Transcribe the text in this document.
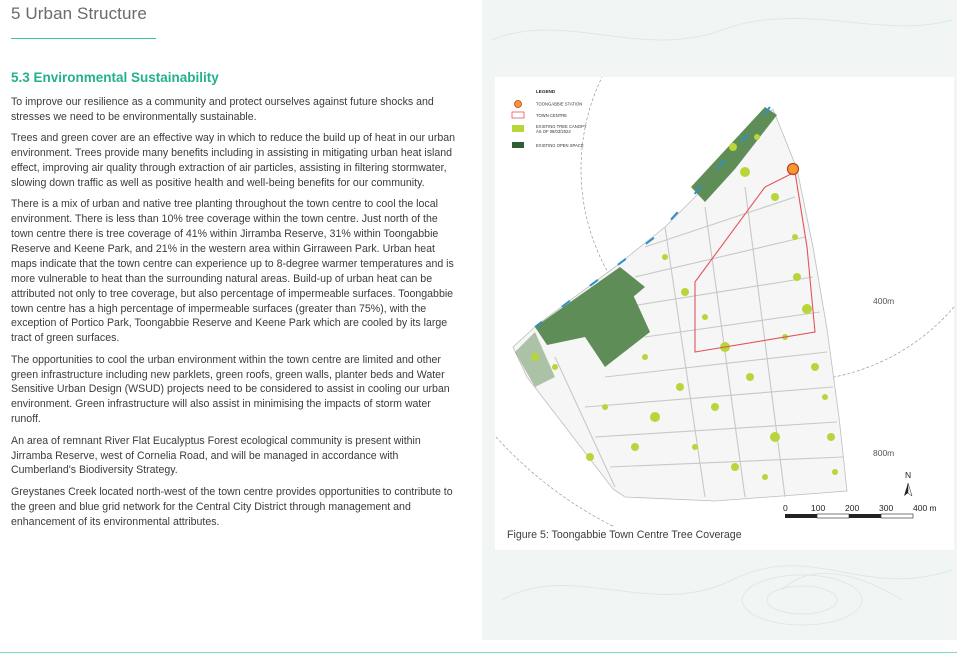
5 Urban Structure
5.3 Environmental Sustainability

To improve our resilience as a community and protect ourselves against future shocks and stresses we need to be environmentally sustainable.

Trees and green cover are an effective way in which to reduce the build up of heat in our urban environment. Trees provide many benefits including in assisting in mitigating urban heat island effect, improving air quality through extraction of air particles, assisting in filtering stormwater, slowing down traffic as well as positive health and well-being benefits for our community.

There is a mix of urban and native tree planting throughout the town centre to cool the local environment. There is less than 10% tree coverage within the town centre. Just north of the town centre there is tree coverage of 41% within Jirramba Reserve, 31% within Toongabbie Reserve and Keene Park, and 21% in the western area within Girraween Park. Urban heat maps indicate that the town centre can experience up to 8-degree warmer temperatures and is more vulnerable to heat than the surrounding natural areas. Build-up of urban heat can be attributed not only to tree coverage, but also percentage of impermeable surfaces. Toongabbie town centre has a high percentage of impermeable surfaces (greater than 75%), with the exception of Portico Park, Toongabbie Reserve and Keene Park which are cooled by its large tract of green surfaces.

The opportunities to cool the urban environment within the town centre are limited and other green infrastructure including new parklets, green roofs, green walls, planter beds and Water Sensitive Urban Design (WSUD) projects need to be considered to assist in cooling our urban environment. Green infrastructure will also assist in minimising the impacts of storm water runoff.

An area of remnant River Flat Eucalyptus Forest ecological community is present within Jirramba Reserve, west of Cornelia Road, and will be managed in accordance with Cumberland's Biodiversity Strategy.

Greystanes Creek located north-west of the town centre provides opportunities to contribute to the green and blue grid network for the Central City District through management and enhancement of its environmental attributes.

400m
800m
LEGEND
TOONGABBIE STATION
TOWN CENTRE
EXISTING TREE CANOPY
AS OF 08/03/2024
EXISTING OPEN SPACE
N
0	100 200 300 400 m
Figure 5: Toongabbie Town Centre Tree Coverage
